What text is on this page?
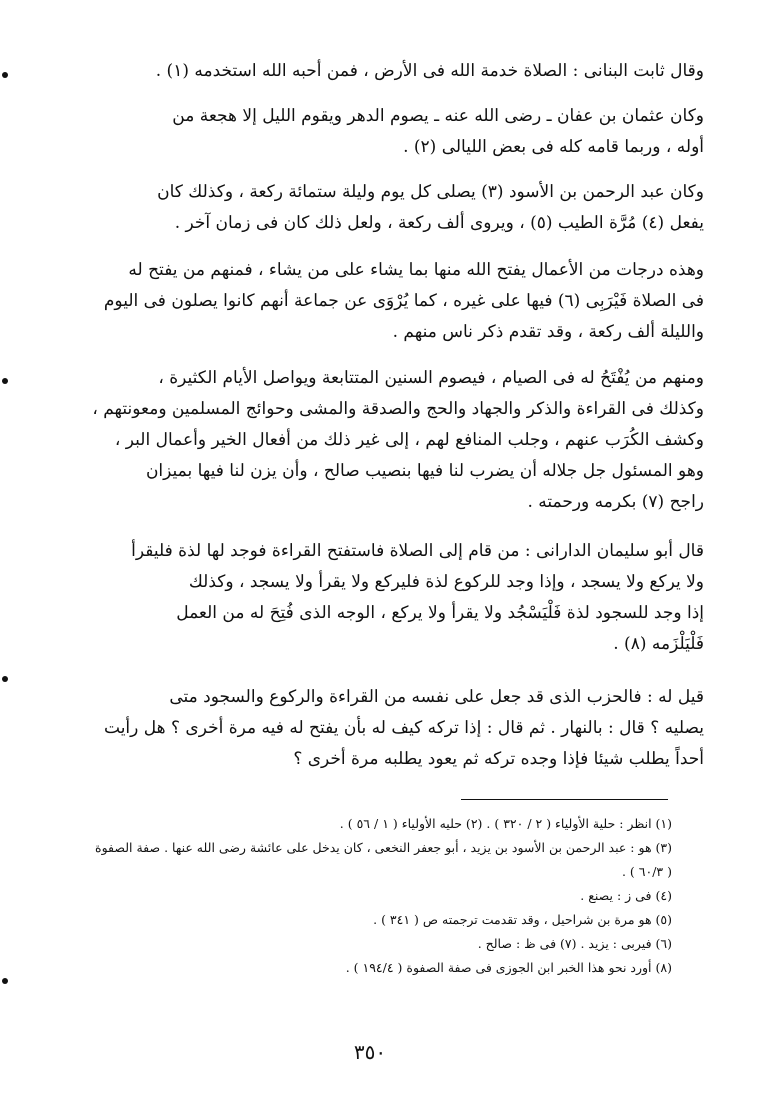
وقال ثابت البنانى : الصلاة خدمة الله فى الأرض ، فمن أحبه الله استخدمه (١) .
وكان عثمان بن عفان ـ رضى الله عنه ـ يصوم الدهر ويقوم الليل إلا هجعة من
أوله ، وربما قامه كله فى بعض الليالى (٢) .
وكان عبد الرحمن بن الأسود (٣) يصلى كل يوم وليلة ستمائة ركعة ، وكذلك كان
يفعل (٤) مُرَّة الطيب (٥) ، ويروى ألف ركعة ، ولعل ذلك كان فى زمان آخر .
وهذه درجات من الأعمال يفتح الله منها بما يشاء على من يشاء ، فمنهم من يفتح له
فى الصلاة فَيْرَبِى (٦) فيها على غيره ، كما يُرْوَى عن جماعة أنهم كانوا يصلون فى اليوم
والليلة ألف ركعة ، وقد تقدم ذكر ناس منهم .
ومنهم من يُفْتَحُ له فى الصيام ، فيصوم السنين المتتابعة ويواصل الأيام الكثيرة ،
وكذلك فى القراءة والذكر والجهاد والحج والصدقة والمشى وحوائج المسلمين ومعونتهم ،
وكشف الكُرَب عنهم ، وجلب المنافع لهم ، إلى غير ذلك من أفعال الخير وأعمال البر ،
وهو المسئول جل جلاله أن يضرب لنا فيها بنصيب صالح ، وأن يزن لنا فيها بميزان
راجح (٧) بكرمه ورحمته .
قال أبو سليمان الدارانى : من قام إلى الصلاة فاستفتح القراءة فوجد لها لذة فليقرأ
ولا يركع ولا يسجد ، وإذا وجد للركوع لذة فليركع ولا يقرأ ولا يسجد ، وكذلك
إذا وجد للسجود لذة فَلْيَسْجُد ولا يقرأ ولا يركع ، الوجه الذى فُتِحَ له من العمل
فَلْيَلْزَمه (٨) .
قيل له : فالحزب الذى قد جعل على نفسه من القراءة والركوع والسجود متى
يصليه ؟ قال : بالنهار . ثم قال : إذا تركه كيف له بأن يفتح له فيه مرة أخرى ؟ هل رأيت
أحداً يطلب شيئا فإذا وجده تركه ثم يعود يطلبه مرة أخرى ؟
(١) انظر : حلية الأولياء ( ٢ / ٣٢٠ ) . (٢) حليه الأولياء ( ١ / ٥٦ ) .
(٣) هو : عبد الرحمن بن الأسود بن يزيد ، أبو جعفر النخعى ، كان يدخل على عائشة رضى الله عنها . صفة الصفوة
( ٦٠/٣ ) .
(٤) فى ز : يصنع .
(٥) هو مرة بن شراحيل ، وقد تقدمت ترجمته ص ( ٣٤١ ) .
(٦) فيربى : يزيد . (٧) فى ظ : صالح .
(٨) أورد نحو هذا الخبر ابن الجوزى فى صفة الصفوة ( ١٩٤/٤ ) .
٣٥٠
